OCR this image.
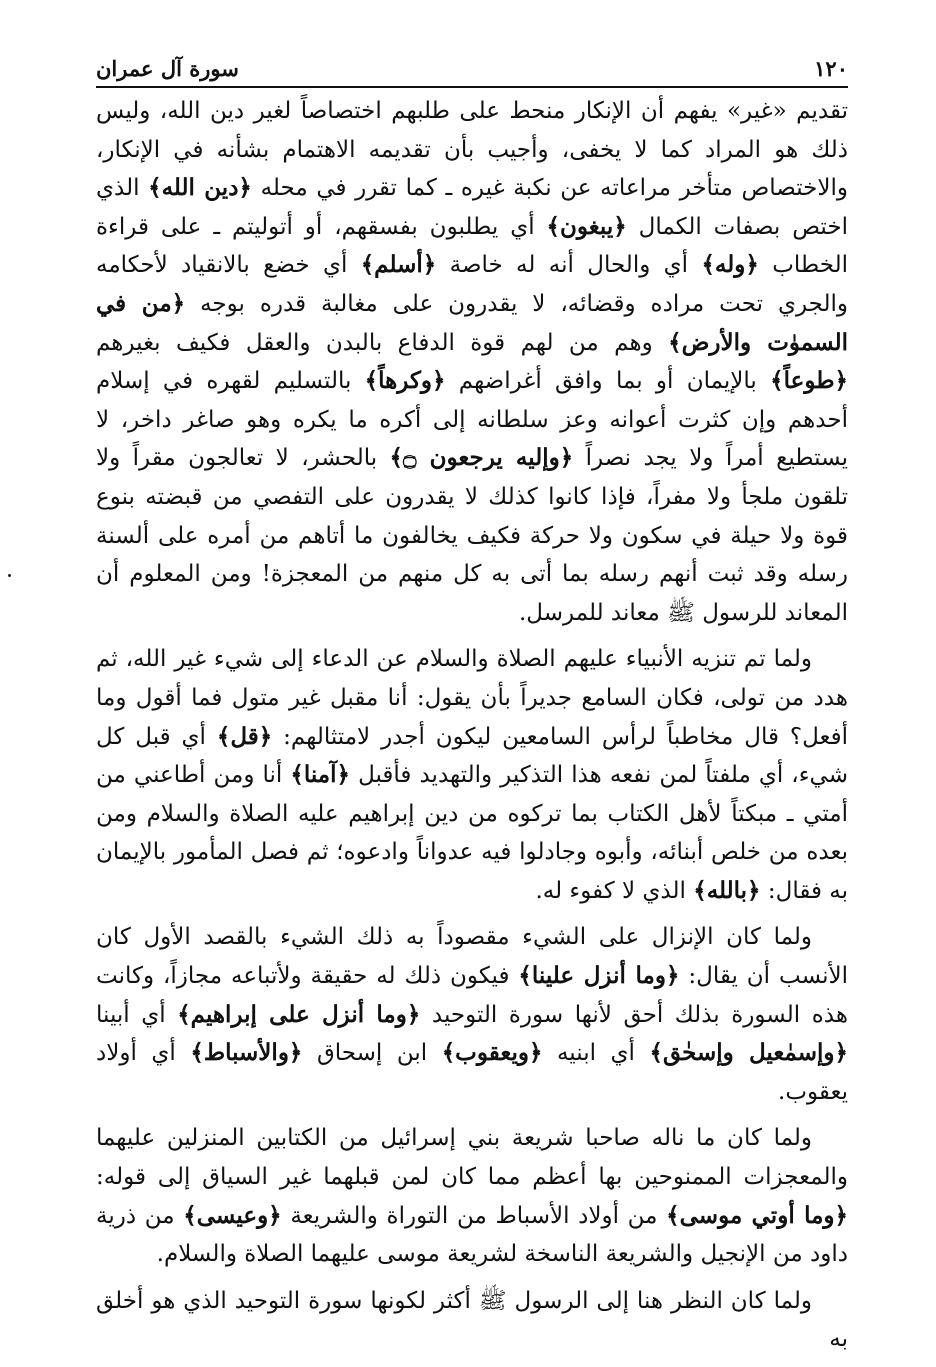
١٢٠
سورة آل عمران

تقديم «غير» يفهم أن الإنكار منحط على طلبهم اختصاصاً لغير دين الله، وليس ذلك هو المراد كما لا يخفى، وأجيب بأن تقديمه الاهتمام بشأنه في الإنكار، والاختصاص متأخر مراعاته عن نكبة غيره ـ كما تقرر في محله ﴿دين الله﴾ الذي اختص بصفات الكمال ﴿يبغون﴾ أي يطلبون بفسقهم، أو أتوليتم ـ على قراءة الخطاب ﴿وله﴾ أي والحال أنه له خاصة ﴿أسلم﴾ أي خضع بالانقياد لأحكامه والجري تحت مراده وقضائه، لا يقدرون على مغالبة قدره بوجه ﴿من في السموٰت والأرض﴾ وهم من لهم قوة الدفاع بالبدن والعقل فكيف بغيرهم ﴿طوعاً﴾ بالإيمان أو بما وافق أغراضهم ﴿وكرهاً﴾ بالتسليم لقهره في إسلام أحدهم وإن كثرت أعوانه وعز سلطانه إلى أكره ما يكره وهو صاغر داخر، لا يستطيع أمراً ولا يجد نصراً ﴿وإليه يرجعون ۝﴾ بالحشر، لا تعالجون مقراً ولا تلقون ملجأ ولا مفراً، فإذا كانوا كذلك لا يقدرون على التفصي من قبضته بنوع قوة ولا حيلة في سكون ولا حركة فكيف يخالفون ما أتاهم من أمره على ألسنة رسله وقد ثبت أنهم رسله بما أتى به كل منهم من المعجزة! ومن المعلوم أن المعاند للرسول ﷺ معاند للمرسل.

ولما تم تنزيه الأنبياء عليهم الصلاة والسلام عن الدعاء إلى شيء غير الله، ثم هدد من تولى، فكان السامع جديراً بأن يقول: أنا مقبل غير متول فما أقول وما أفعل؟ قال مخاطباً لرأس السامعين ليكون أجدر لامتثالهم: ﴿قل﴾ أي قبل كل شيء، أي ملفتاً لمن نفعه هذا التذكير والتهديد فأقبل ﴿آمنا﴾ أنا ومن أطاعني من أمتي ـ مبكتاً لأهل الكتاب بما تركوه من دين إبراهيم عليه الصلاة والسلام ومن بعده من خلص أبنائه، وأبوه وجادلوا فيه عدواناً وادعوه؛ ثم فصل المأمور بالإيمان به فقال: ﴿بالله﴾ الذي لا كفوء له.

ولما كان الإنزال على الشيء مقصوداً به ذلك الشيء بالقصد الأول كان الأنسب أن يقال: ﴿وما أنزل علينا﴾ فيكون ذلك له حقيقة ولأتباعه مجازاً، وكانت هذه السورة بذلك أحق لأنها سورة التوحيد ﴿وما أنزل على إبراهيم﴾ أي أبينا ﴿وإسمٰعيل وإسحٰق﴾ أي ابنيه ﴿ويعقوب﴾ ابن إسحاق ﴿والأسباط﴾ أي أولاد يعقوب.

ولما كان ما ناله صاحبا شريعة بني إسرائيل من الكتابين المنزلين عليهما والمعجزات الممنوحين بها أعظم مما كان لمن قبلهما غير السياق إلى قوله: ﴿وما أوتي موسى﴾ من أولاد الأسباط من التوراة والشريعة ﴿وعيسى﴾ من ذرية داود من الإنجيل والشريعة الناسخة لشريعة موسى عليهما الصلاة والسلام.

ولما كان النظر هنا إلى الرسول ﷺ أكثر لكونها سورة التوحيد الذي هو أخلق به
